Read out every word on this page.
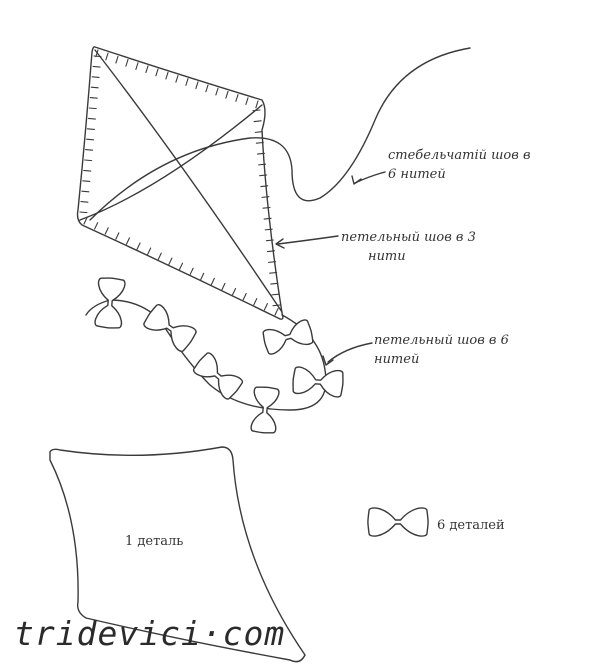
стебельчатій шов в
6 нитей
петельный шов в 3
нити
петельный шов в 6
нитей
1 деталь
6 деталей
tridevici·com
